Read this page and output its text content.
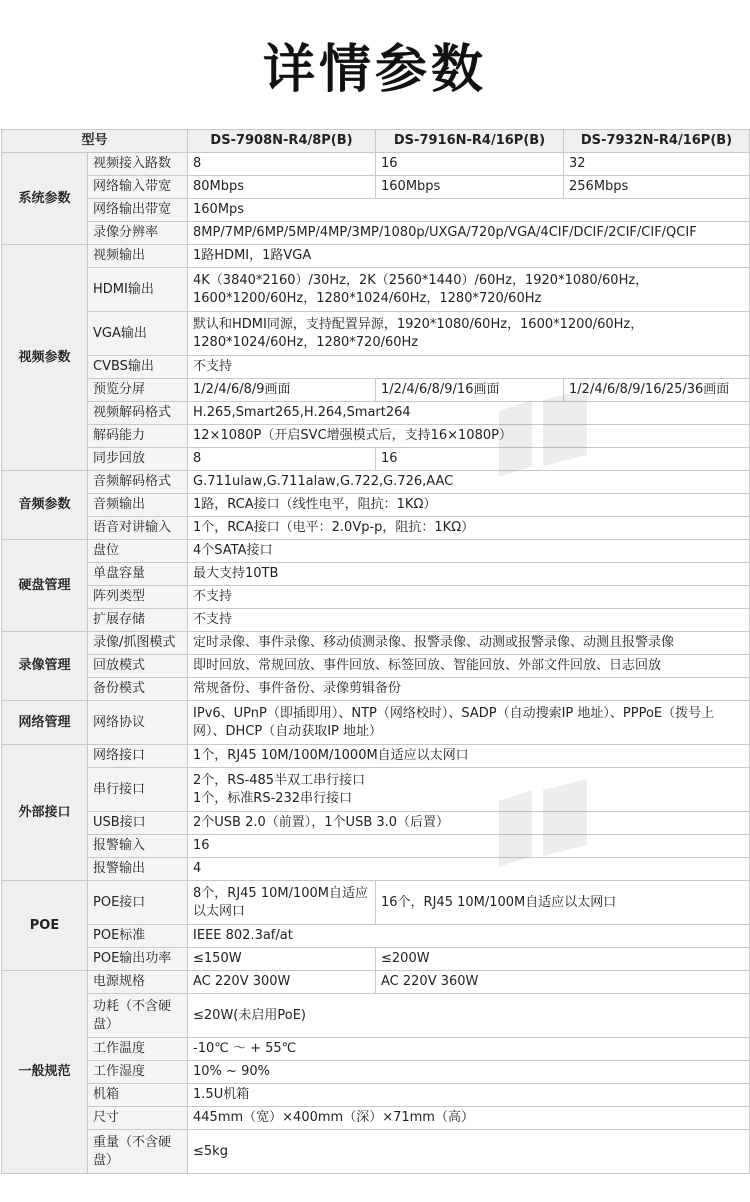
详情参数
型号		DS-7908N-R4/8P(B)	DS-7916N-R4/16P(B)	DS-7932N-R4/16P(B)
系统参数	视频接入路数	8	16	32
	网络输入带宽	80Mbps	160Mbps	256Mbps
	网络输出带宽	160Mps		
	录像分辨率	8MP/7MP/6MP/5MP/4MP/3MP/1080p/UXGA/720p/VGA/4CIF/DCIF/2CIF/CIF/QCIF		
视频参数	视频输出	1路HDMI，1路VGA		
	HDMI输出	4K（3840*2160）/30Hz，2K（2560*1440）/60Hz，1920*1080/60Hz，1600*1200/60Hz，1280*1024/60Hz，1280*720/60Hz		
	VGA输出	默认和HDMI同源，支持配置异源，1920*1080/60Hz，1600*1200/60Hz，1280*1024/60Hz，1280*720/60Hz		
	CVBS输出	不支持		
	预览分屏	1/2/4/6/8/9画面	1/2/4/6/8/9/16画面	1/2/4/6/8/9/16/25/36画面
	视频解码格式	H.265,Smart265,H.264,Smart264		
	解码能力	12×1080P（开启SVC增强模式后，支持16×1080P）		
	同步回放	8	16	
音频参数	音频解码格式	G.711ulaw,G.711alaw,G.722,G.726,AAC		
	音频输出	1路，RCA接口（线性电平，阻抗：1KΩ）		
	语音对讲输入	1个，RCA接口（电平：2.0Vp-p，阻抗：1KΩ）		
硬盘管理	盘位	4个SATA接口		
	单盘容量	最大支持10TB		
	阵列类型	不支持		
	扩展存储	不支持		
录像管理	录像/抓图模式	定时录像、事件录像、移动侦测录像、报警录像、动测或报警录像、动测且报警录像		
	回放模式	即时回放、常规回放、事件回放、标签回放、智能回放、外部文件回放、日志回放		
	备份模式	常规备份、事件备份、录像剪辑备份		
网络管理	网络协议	IPv6、UPnP（即插即用）、NTP（网络校时）、SADP（自动搜索IP 地址）、PPPoE（拨号上网）、DHCP（自动获取IP 地址）		
外部接口	网络接口	1个，RJ45 10M/100M/1000M自适应以太网口		
	串行接口	2个，RS-485半双工串行接口
1个，标准RS-232串行接口		

	USB接口	2个USB 2.0（前置），1个USB 3.0（后置）		
	报警输入	16		
	报警输出	4		
POE	POE接口	8个，RJ45 10M/100M自适应以太网口	16个，RJ45 10M/100M自适应以太网口	
	POE标准	IEEE 802.3af/at		
	POE输出功率	≤150W	≤200W	
一般规范	电源规格	AC 220V 300W	AC 220V 360W	
	功耗（不含硬盘）	≤20W(未启用PoE)		
	工作温度	-10℃ ～ + 55℃		
	工作湿度	10% ~ 90%		
	机箱	1.5U机箱		
	尺寸	445mm（宽）×400mm（深）×71mm（高）		
	重量（不含硬盘）	≤5kg		
